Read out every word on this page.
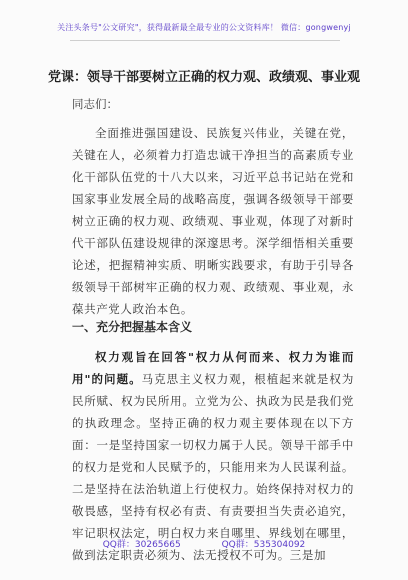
关注头条号"公文研究"，获得最新最全最专业的公文资料库！ 微信：gongwenyj
党课：领导干部要树立正确的权力观、政绩观、事业观
同志们：
全面推进强国建设、民族复兴伟业，关键在党，关键在人，必须着力打造忠诚干净担当的高素质专业化干部队伍党的十八大以来，习近平总书记站在党和国家事业发展全局的战略高度，强调各级领导干部要树立正确的权力观、政绩观、事业观，体现了对新时代干部队伍建设规律的深邃思考。深学细悟相关重要论述，把握精神实质、明晰实践要求，有助于引导各级领导干部树牢正确的权力观、政绩观、事业观，永葆共产党人政治本色。
一、充分把握基本含义
权力观旨在回答"权力从何而来、权力为谁而用"的问题。马克思主义权力观，根植起来就是权为民所赋、权为民所用。立党为公、执政为民是我们党的执政理念。坚持正确的权力观主要体现在以下方面：一是坚持国家一切权力属于人民。领导干部手中的权力是党和人民赋予的，只能用来为人民谋利益。二是坚持在法治轨道上行使权力。始终保持对权力的敬畏感，坚持有权必有责、有责要担当失责必追究，牢记职权法定，明白权力来自哪里、界线划在哪里，做到法定职责必须为、法无授权不可为。三是加
QQ群：30265665	QQ群：535304092
